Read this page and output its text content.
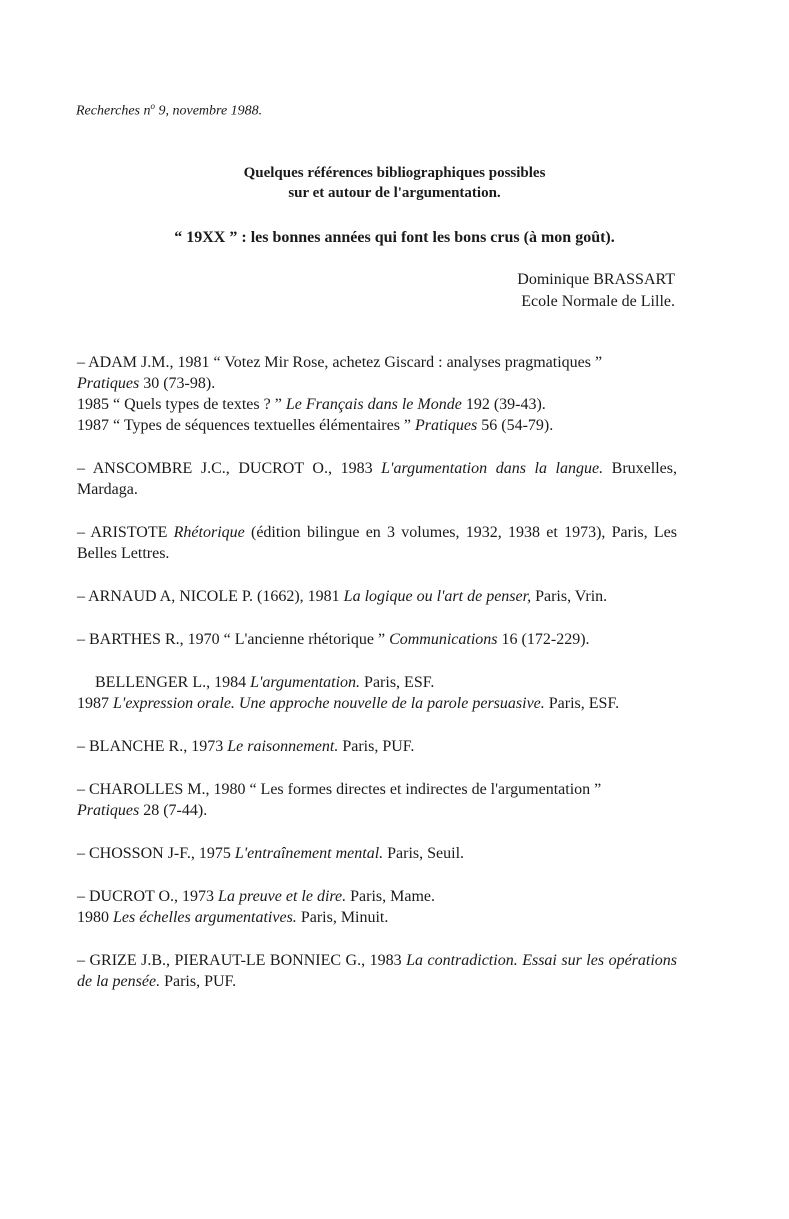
Recherches $n^o$ 9, novembre 1988.
Quelques références bibliographiques possibles
sur et autour de l'argumentation.
“ 19XX ” : les bonnes années qui font les bons crus (à mon goût).
Dominique BRASSART
Ecole Normale de Lille.
– ADAM J.M., 1981 “ Votez Mir Rose, achetez Giscard : analyses pragmatiques ”
Pratiques 30 (73-98).
1985 “ Quels types de textes ? ” Le Français dans le Monde 192 (39-43).
1987 “ Types de séquences textuelles élémentaires ” Pratiques 56 (54-79).
– ANSCOMBRE J.C., DUCROT O., 1983 L'argumentation dans la langue. Bruxelles, Mardaga.
– ARISTOTE Rhétorique (édition bilingue en 3 volumes, 1932, 1938 et 1973), Paris, Les Belles Lettres.
– ARNAUD A, NICOLE P. (1662), 1981 La logique ou l'art de penser, Paris, Vrin.
– BARTHES R., 1970 “ L'ancienne rhétorique ” Communications 16 (172-229).
BELLENGER L., 1984 L'argumentation. Paris, ESF.
1987 L'expression orale. Une approche nouvelle de la parole persuasive. Paris, ESF.
– BLANCHE R., 1973 Le raisonnement. Paris, PUF.
– CHAROLLES M., 1980 “ Les formes directes et indirectes de l'argumentation ”
Pratiques 28 (7-44).
– CHOSSON J-F., 1975 L'entraînement mental. Paris, Seuil.
– DUCROT O., 1973 La preuve et le dire. Paris, Mame.
1980 Les échelles argumentatives. Paris, Minuit.
– GRIZE J.B., PIERAUT-LE BONNIEC G., 1983 La contradiction. Essai sur les opérations de la pensée. Paris, PUF.
